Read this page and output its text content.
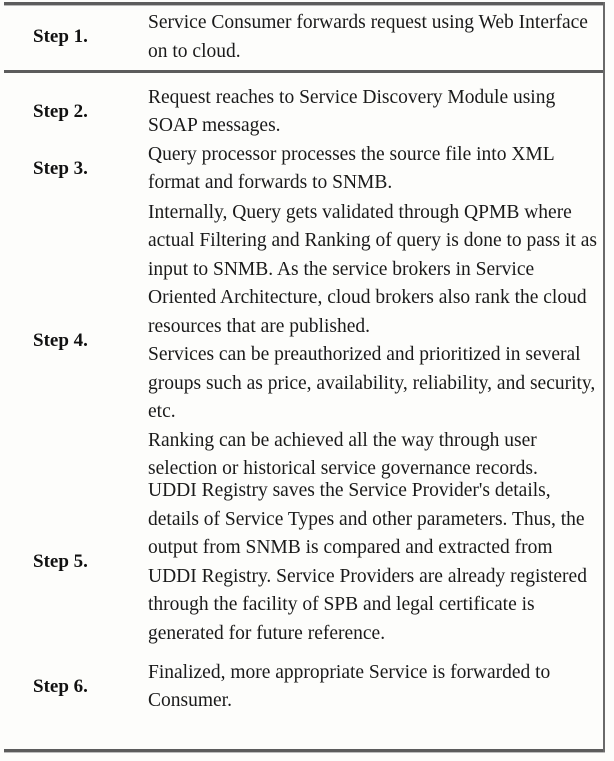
Step 1.
Service Consumer forwards request using Web Interface on to cloud.
Step 2.
Request reaches to Service Discovery Module using SOAP messages.
Step 3.
Query processor processes the source file into XML format and forwards to SNMB.
Step 4.

Internally, Query gets validated through QPMB where actual Filtering and Ranking of query is done to pass it as input to SNMB. As the service brokers in Service Oriented Architecture, cloud brokers also rank the cloud resources that are published.

Services can be preauthorized and prioritized in several groups such as price, availability, reliability, and security, etc.

Ranking can be achieved all the way through user selection or historical service governance records.

Step 5.
UDDI Registry saves the Service Provider's details, details of Service Types and other parameters. Thus, the output from SNMB is compared and extracted from UDDI Registry. Service Providers are already registered through the facility of SPB and legal certificate is generated for future reference.
Step 6.
Finalized, more appropriate Service is forwarded to Consumer.
